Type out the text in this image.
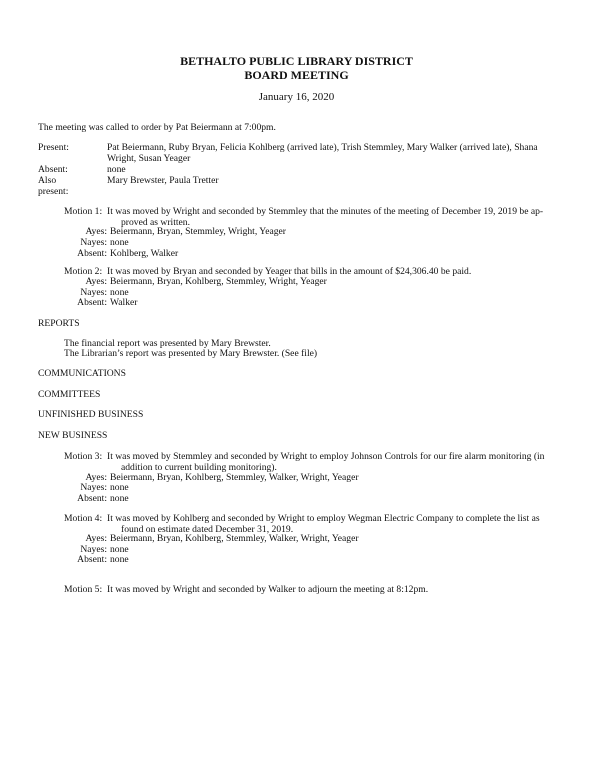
BETHALTO PUBLIC LIBRARY DISTRICT
BOARD MEETING
January 16, 2020
The meeting was called to order by Pat Beiermann at 7:00pm.
Present:	Pat Beiermann, Ruby Bryan, Felicia Kohlberg (arrived late), Trish Stemmley, Mary Walker (arrived late), Shana
Wright, Susan Yeager
Absent:	none
Also present:
Mary Brewster, Paula Tretter
Motion 1: It was moved by Wright and seconded by Stemmley that the minutes of the meeting of December 19, 2019 be ap-
proved as written.
Ayes: Beiermann, Bryan, Stemmley, Wright, Yeager
Nayes: none
Absent: Kohlberg, Walker
Motion 2: It was moved by Bryan and seconded by Yeager that bills in the amount of $24,306.40 be paid.
Ayes: Beiermann, Bryan, Kohlberg, Stemmley, Wright, Yeager
Nayes: none
Absent: Walker
REPORTS
The financial report was presented by Mary Brewster.
The Librarian’s report was presented by Mary Brewster. (See file)
COMMUNICATIONS
COMMITTEES
UNFINISHED BUSINESS
NEW BUSINESS
Motion 3: It was moved by Stemmley and seconded by Wright to employ Johnson Controls for our fire alarm monitoring (in
addition to current building monitoring).
Ayes: Beiermann, Bryan, Kohlberg, Stemmley, Walker, Wright, Yeager
Nayes: none
Absent: none
Motion 4: It was moved by Kohlberg and seconded by Wright to employ Wegman Electric Company to complete the list as
found on estimate dated December 31, 2019.
Ayes: Beiermann, Bryan, Kohlberg, Stemmley, Walker, Wright, Yeager
Nayes: none
Absent: none
Motion 5: It was moved by Wright and seconded by Walker to adjourn the meeting at 8:12pm.
